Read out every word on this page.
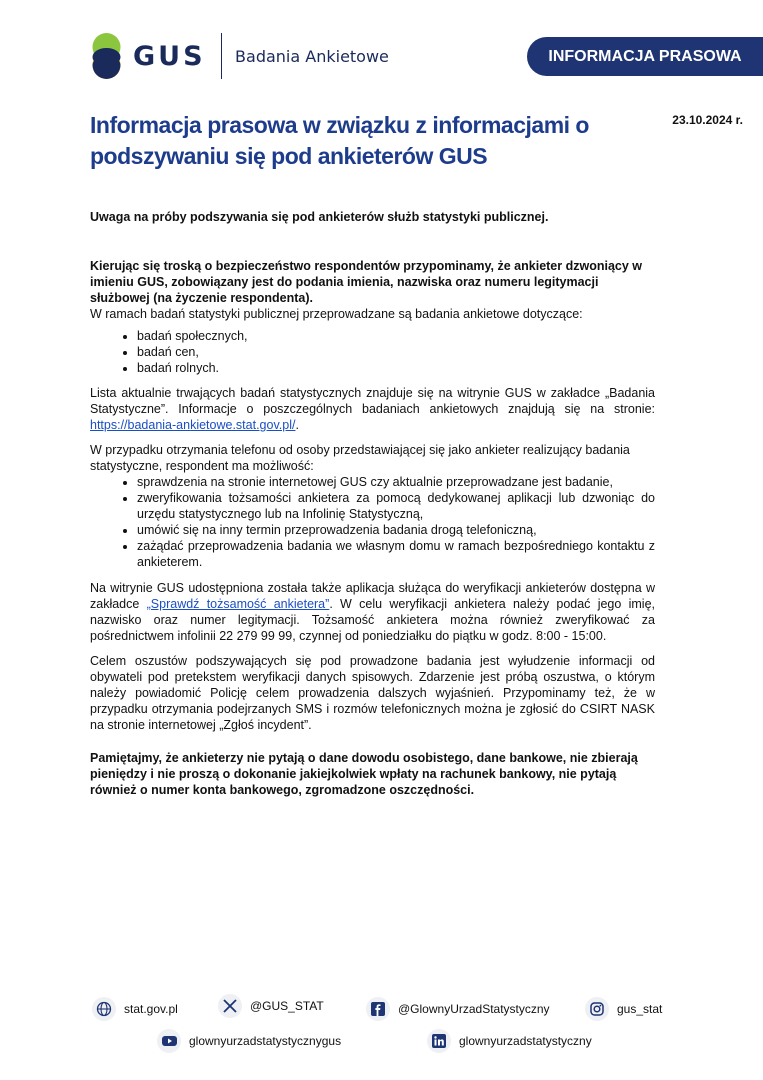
GUS Badania Ankietowe	INFORMACJA PRASOWA
23.10.2024 r.
Informacja prasowa w związku z informacjami o podszywaniu się pod ankieterów GUS

Uwaga na próby podszywania się pod ankieterów służb statystyki publicznej.

Kierując się troską o bezpieczeństwo respondentów przypominamy, że ankieter dzwoniący w imieniu GUS, zobowiązany jest do podania imienia, nazwiska oraz numeru legitymacji służbowej (na życzenie respondenta).

W ramach badań statystyki publicznej przeprowadzane są badania ankietowe dotyczące:

• badań społecznych,
• badań cen,
• badań rolnych.

Lista aktualnie trwających badań statystycznych znajduje się na witrynie GUS w zakładce „Badania Statystyczne”. Informacje o poszczególnych badaniach ankietowych znajdują się na stronie: https://badania-ankietowe.stat.gov.pl/.

W przypadku otrzymania telefonu od osoby przedstawiającej się jako ankieter realizujący badania statystyczne, respondent ma możliwość:

• sprawdzenia na stronie internetowej GUS czy aktualnie przeprowadzane jest badanie,
• zweryfikowania tożsamości ankietera za pomocą dedykowanej aplikacji lub dzwoniąc do urzędu statystycznego lub na Infolinię Statystyczną,
• umówić się na inny termin przeprowadzenia badania drogą telefoniczną,
• zażądać przeprowadzenia badania we własnym domu w ramach bezpośredniego kontaktu z ankieterem.

Na witrynie GUS udostępniona została także aplikacja służąca do weryfikacji ankieterów dostępna w zakładce „Sprawdź tożsamość ankietera”. W celu weryfikacji ankietera należy podać jego imię, nazwisko oraz numer legitymacji. Tożsamość ankietera można również zweryfikować za pośrednictwem infolinii 22 279 99 99, czynnej od poniedziałku do piątku w godz. 8:00 - 15:00.

Celem oszustów podszywających się pod prowadzone badania jest wyłudzenie informacji od obywateli pod pretekstem weryfikacji danych spisowych. Zdarzenie jest próbą oszustwa, o którym należy powiadomić Policję celem prowadzenia dalszych wyjaśnień. Przypominamy też, że w przypadku otrzymania podejrzanych SMS i rozmów telefonicznych można je zgłosić do CSIRT NASK na stronie internetowej „Zgłoś incydent”.

Pamiętajmy, że ankieterzy nie pytają o dane dowodu osobistego, dane bankowe, nie zbierają pieniędzy i nie proszą o dokonanie jakiejkolwiek wpłaty na rachunek bankowy, nie pytają również o numer konta bankowego, zgromadzone oszczędności.

stat.gov.pl	@GUS_STAT	@GlownyUrzadStatystyczny	gus_stat
glownyurzadstatystycznygus	glownyurzadstatystyczny
